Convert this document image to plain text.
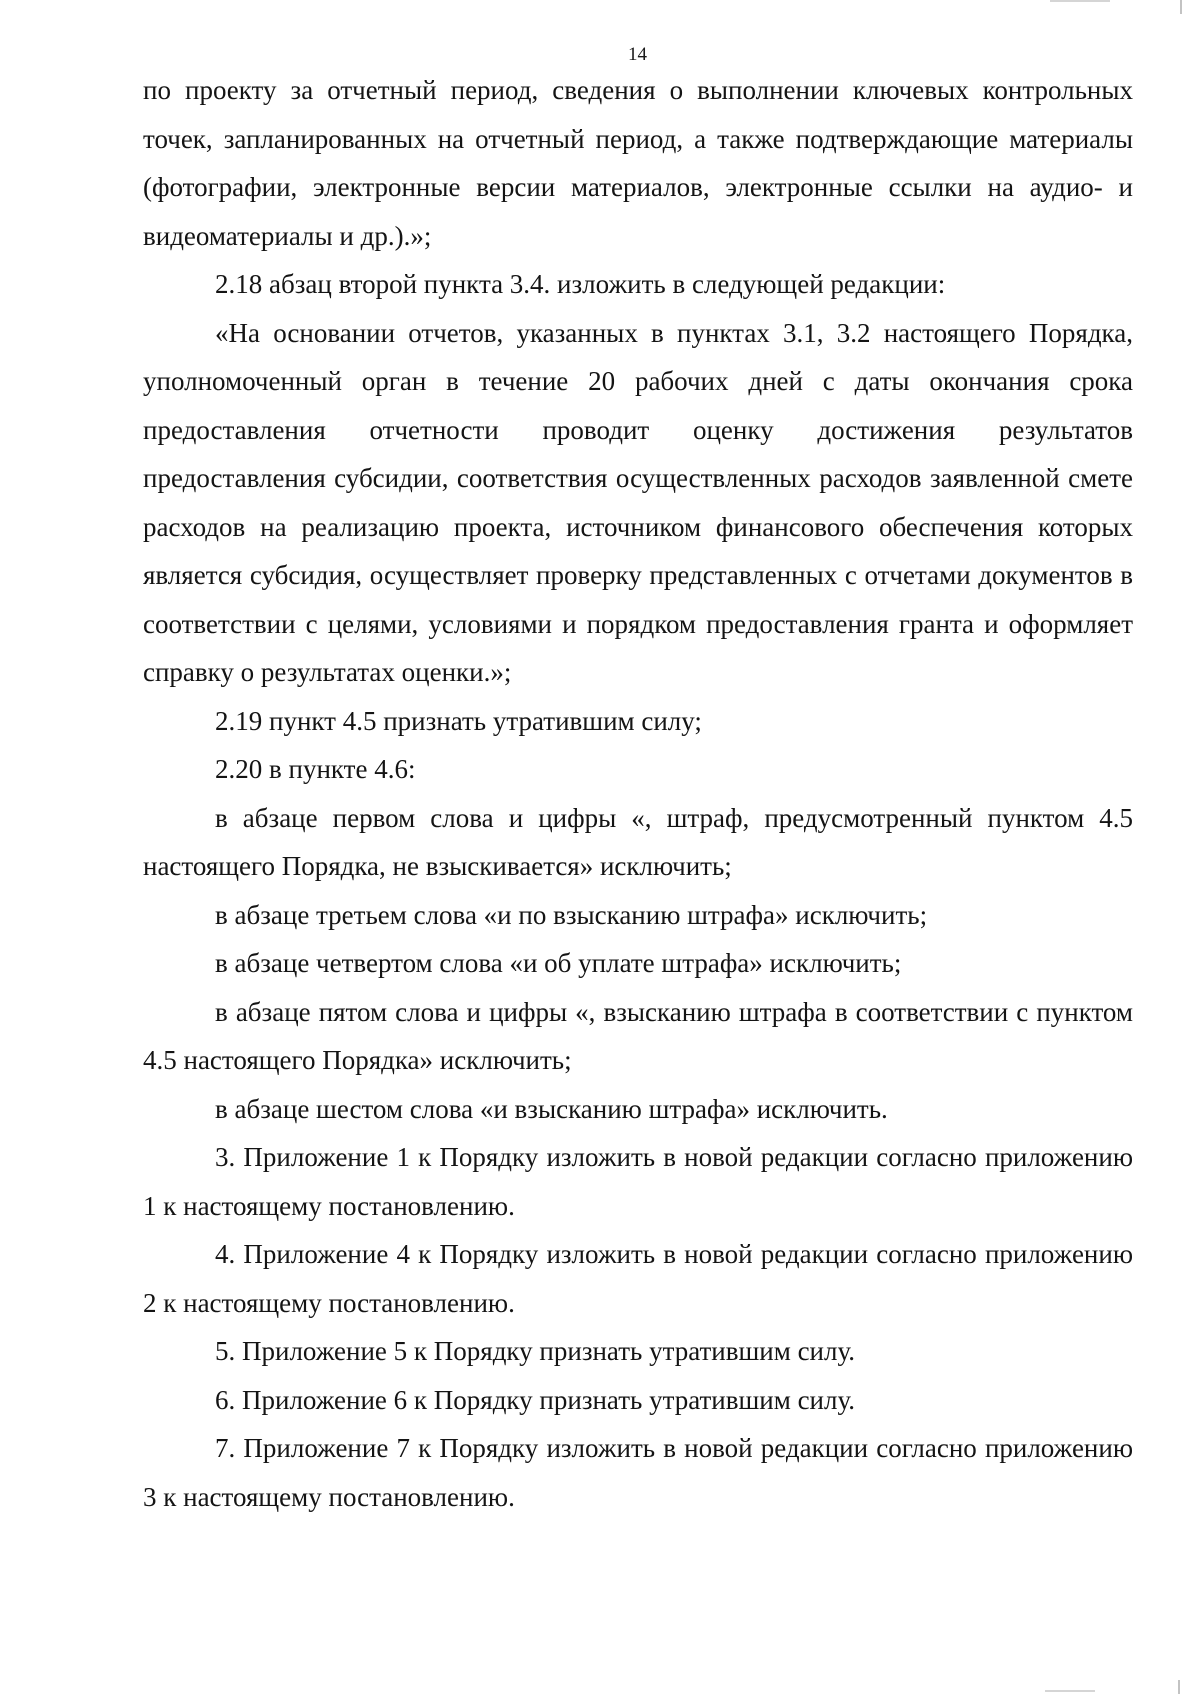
14

по проекту за отчетный период, сведения о выполнении ключевых контрольных точек, запланированных на отчетный период, а также подтверждающие материалы (фотографии, электронные версии материалов, электронные ссылки на аудио- и видеоматериалы и др.).»;

2.18 абзац второй пункта 3.4. изложить в следующей редакции:

«На основании отчетов, указанных в пунктах 3.1, 3.2 настоящего Порядка, уполномоченный орган в течение 20 рабочих дней с даты окончания срока предоставления отчетности проводит оценку достижения результатов предоставления субсидии, соответствия осуществленных расходов заявленной смете расходов на реализацию проекта, источником финансового обеспечения которых является субсидия, осуществляет проверку представленных с отчетами документов в соответствии с целями, условиями и порядком предоставления гранта и оформляет справку о результатах оценки.»;

2.19 пункт 4.5 признать утратившим силу;

2.20 в пункте 4.6:

в абзаце первом слова и цифры «, штраф, предусмотренный пунктом 4.5 настоящего Порядка, не взыскивается» исключить;

в абзаце третьем слова «и по взысканию штрафа» исключить;

в абзаце четвертом слова «и об уплате штрафа» исключить;

в абзаце пятом слова и цифры «, взысканию штрафа в соответствии с пунктом 4.5 настоящего Порядка» исключить;

в абзаце шестом слова «и взысканию штрафа» исключить.

3. Приложение 1 к Порядку изложить в новой редакции согласно приложению 1 к настоящему постановлению.

4. Приложение 4 к Порядку изложить в новой редакции согласно приложению 2 к настоящему постановлению.

5. Приложение 5 к Порядку признать утратившим силу.

6. Приложение 6 к Порядку признать утратившим силу.

7. Приложение 7 к Порядку изложить в новой редакции согласно приложению 3 к настоящему постановлению.
